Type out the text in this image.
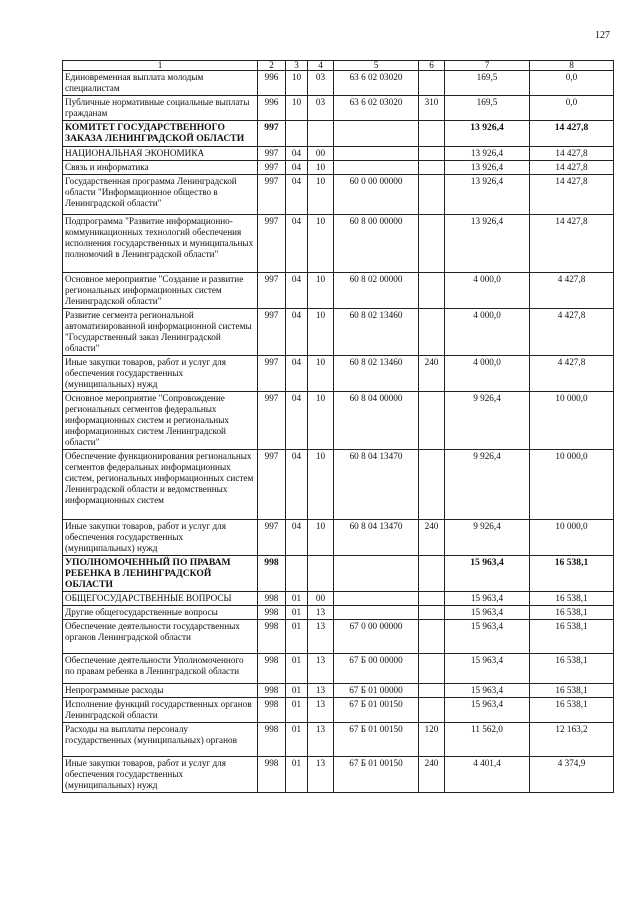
127
1	2	3	4	5	6	7	8
Единовременная выплата молодым специалистам	996	10	03	63 6 02 03020		169,5	0,0
Публичные нормативные социальные выплаты гражданам	996	10	03	63 6 02 03020	310	169,5	0,0
КОМИТЕТ ГОСУДАРСТВЕННОГО ЗАКАЗА ЛЕНИНГРАДСКОЙ ОБЛАСТИ	997					13 926,4	14 427,8
НАЦИОНАЛЬНАЯ ЭКОНОМИКА	997	04	00			13 926,4	14 427,8
Связь и информатика	997	04	10			13 926,4	14 427,8
Государственная программа Ленинградской области "Информационное общество в Ленинградской области"	997	04	10	60 0 00 00000		13 926,4	14 427,8
Подпрограмма "Развитие информационно-коммуникационных технологий обеспечения исполнения государственных и муниципальных полномочий в Ленинградской области"	997	04	10	60 8 00 00000		13 926,4	14 427,8
Основное мероприятие "Создание и развитие региональных информационных систем Ленинградской области"	997	04	10	60 8 02 00000		4 000,0	4 427,8
Развитие сегмента региональной автоматизированной информационной системы "Государственный заказ Ленинградской области"	997	04	10	60 8 02 13460		4 000,0	4 427,8
Иные закупки товаров, работ и услуг для обеспечения государственных (муниципальных) нужд	997	04	10	60 8 02 13460	240	4 000,0	4 427,8
Основное мероприятие "Сопровождение региональных сегментов федеральных информационных систем и региональных информационных систем Ленинградской области"	997	04	10	60 8 04 00000		9 926,4	10 000,0
Обеспечение функционирования региональных сегментов федеральных информационных систем, региональных информационных систем Ленинградской области и ведомственных информационных систем	997	04	10	60 8 04 13470		9 926,4	10 000,0
Иные закупки товаров, работ и услуг для обеспечения государственных (муниципальных) нужд	997	04	10	60 8 04 13470	240	9 926,4	10 000,0
УПОЛНОМОЧЕННЫЙ ПО ПРАВАМ РЕБЕНКА В ЛЕНИНГРАДСКОЙ ОБЛАСТИ	998					15 963,4	16 538,1
ОБЩЕГОСУДАРСТВЕННЫЕ ВОПРОСЫ	998	01	00			15 963,4	16 538,1
Другие общегосударственные вопросы	998	01	13			15 963,4	16 538,1
Обеспечение деятельности государственных органов Ленинградской области	998	01	13	67 0 00 00000		15 963,4	16 538,1
Обеспечение деятельности Уполномоченного по правам ребенка в Ленинградской области	998	01	13	67 Б 00 00000		15 963,4	16 538,1
Непрограммные расходы	998	01	13	67 Б 01 00000		15 963,4	16 538,1
Исполнение функций государственных органов Ленинградской области	998	01	13	67 Б 01 00150		15 963,4	16 538,1
Расходы на выплаты персоналу государственных (муниципальных) органов	998	01	13	67 Б 01 00150	120	11 562,0	12 163,2
Иные закупки товаров, работ и услуг для обеспечения государственных (муниципальных) нужд	998	01	13	67 Б 01 00150	240	4 401,4	4 374,9
